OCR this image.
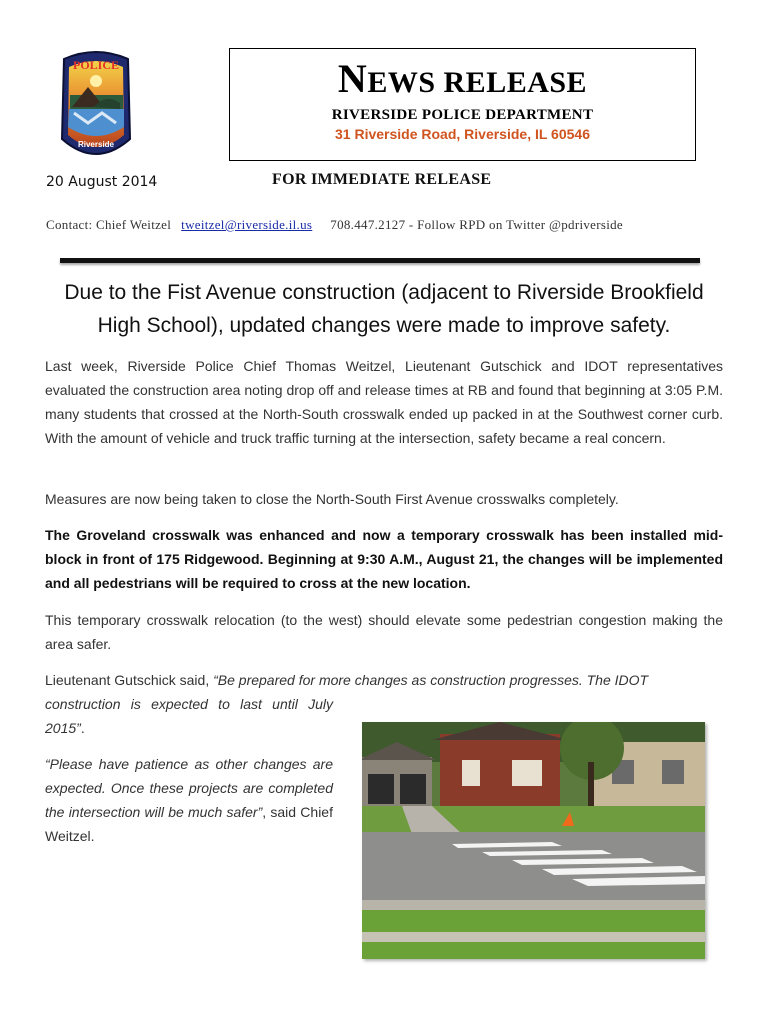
POLICE
Riverside
NEWS RELEASE
RIVERSIDE POLICE DEPARTMENT
31 Riverside Road, Riverside, IL 60546
20 August 2014	FOR IMMEDIATE RELEASE
Contact: Chief Weitzel tweitzel@riverside.il.us 708.447.2127 - Follow RPD on Twitter @pdriverside
Due to the Fist Avenue construction (adjacent to Riverside Brookfield High School), updated changes were made to improve safety.

Last week, Riverside Police Chief Thomas Weitzel, Lieutenant Gutschick and IDOT representatives evaluated the construction area noting drop off and release times at RB and found that beginning at 3:05 P.M. many students that crossed at the North-South crosswalk ended up packed in at the Southwest corner curb. With the amount of vehicle and truck traffic turning at the intersection, safety became a real concern.

Measures are now being taken to close the North-South First Avenue crosswalks completely.

The Groveland crosswalk was enhanced and now a temporary crosswalk has been installed mid-block in front of 175 Ridgewood. Beginning at 9:30 A.M., August 21, the changes will be implemented and all pedestrians will be required to cross at the new location.

This temporary crosswalk relocation (to the west) should elevate some pedestrian congestion making the area safer.

Lieutenant Gutschick said, “Be prepared for more changes as construction progresses. The IDOT

construction is expected to last until July 2015”.

“Please have patience as other changes are expected. Once these projects are completed the intersection will be much safer”, said Chief Weitzel.
